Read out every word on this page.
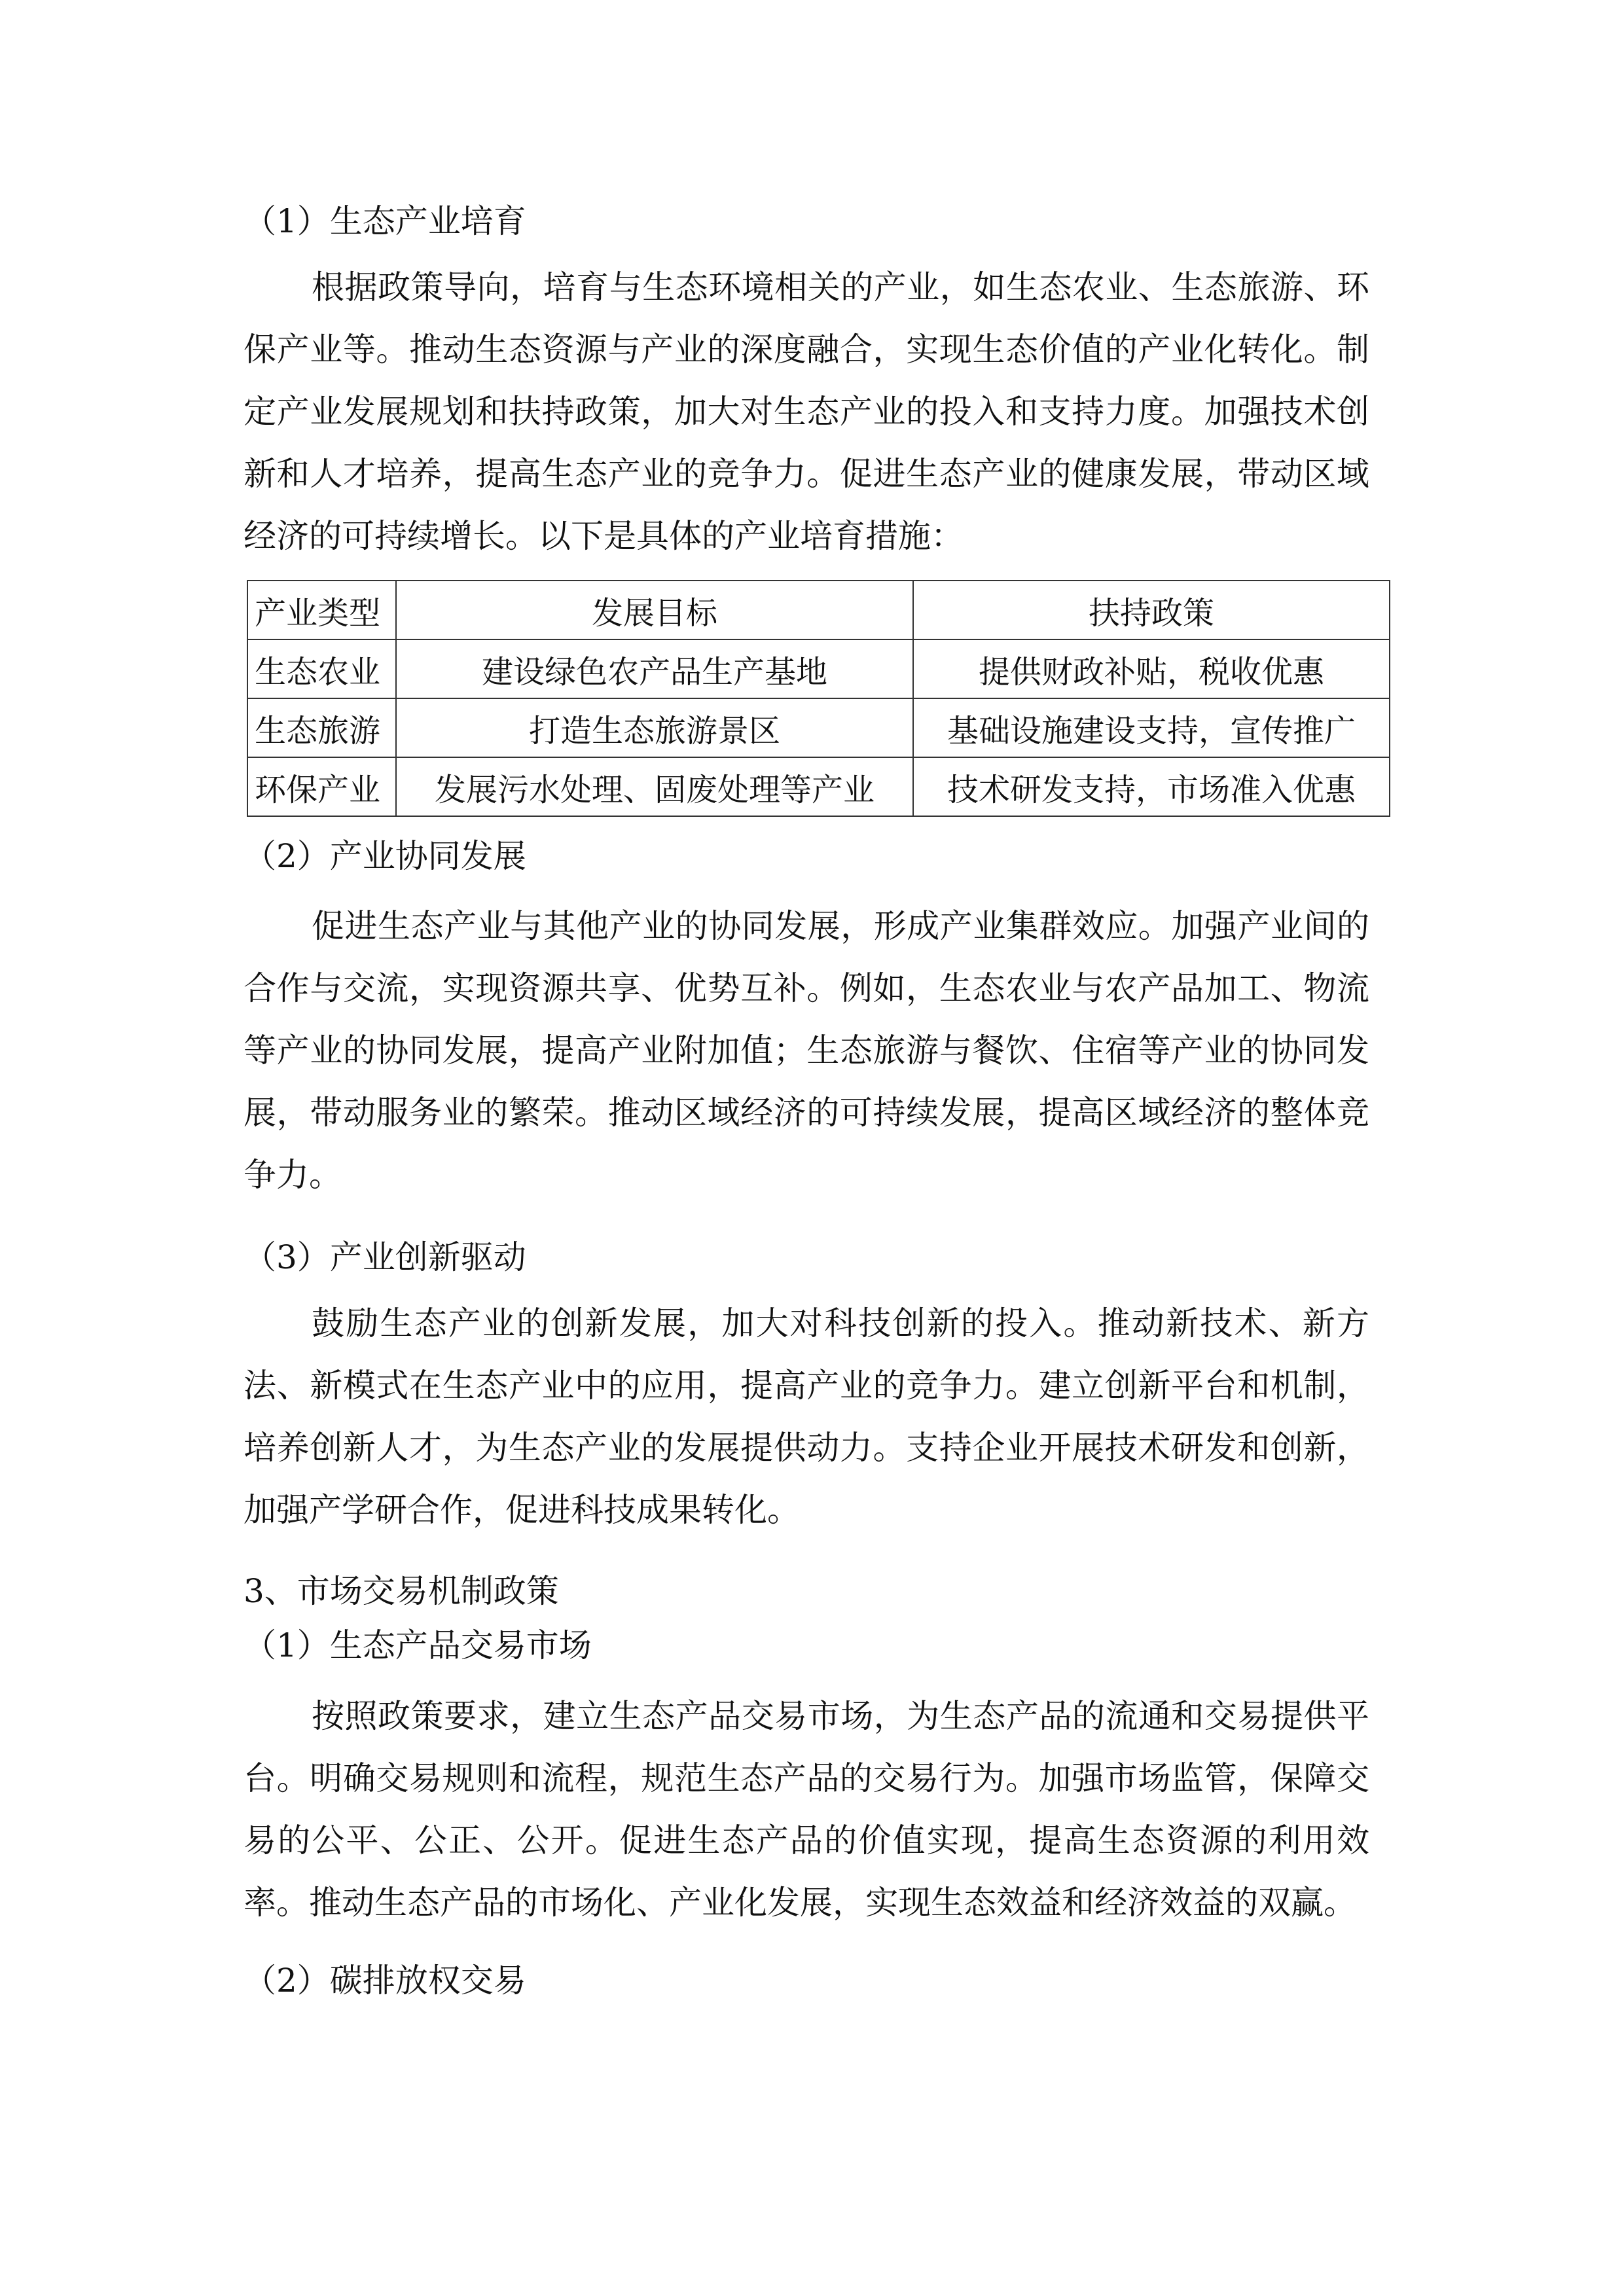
（1）生态产业培育
根据政策导向，培育与生态环境相关的产业，如生态农业、生态旅游、环保产业等。推动生态资源与产业的深度融合，实现生态价值的产业化转化。制定产业发展规划和扶持政策，加大对生态产业的投入和支持力度。加强技术创新和人才培养，提高生态产业的竞争力。促进生态产业的健康发展，带动区域经济的可持续增长。以下是具体的产业培育措施：
产业类型	发展目标	扶持政策
生态农业	建设绿色农产品生产基地	提供财政补贴，税收优惠
生态旅游	打造生态旅游景区	基础设施建设支持，宣传推广
环保产业	发展污水处理、固废处理等产业	技术研发支持，市场准入优惠
（2）产业协同发展
促进生态产业与其他产业的协同发展，形成产业集群效应。加强产业间的合作与交流，实现资源共享、优势互补。例如，生态农业与农产品加工、物流等产业的协同发展，提高产业附加值；生态旅游与餐饮、住宿等产业的协同发展，带动服务业的繁荣。推动区域经济的可持续发展，提高区域经济的整体竞争力。
（3）产业创新驱动
鼓励生态产业的创新发展，加大对科技创新的投入。推动新技术、新方法、新模式在生态产业中的应用，提高产业的竞争力。建立创新平台和机制，培养创新人才，为生态产业的发展提供动力。支持企业开展技术研发和创新，加强产学研合作，促进科技成果转化。
3、市场交易机制政策
（1）生态产品交易市场
按照政策要求，建立生态产品交易市场，为生态产品的流通和交易提供平台。明确交易规则和流程，规范生态产品的交易行为。加强市场监管，保障交易的公平、公正、公开。促进生态产品的价值实现，提高生态资源的利用效率。推动生态产品的市场化、产业化发展，实现生态效益和经济效益的双赢。
（2）碳排放权交易
